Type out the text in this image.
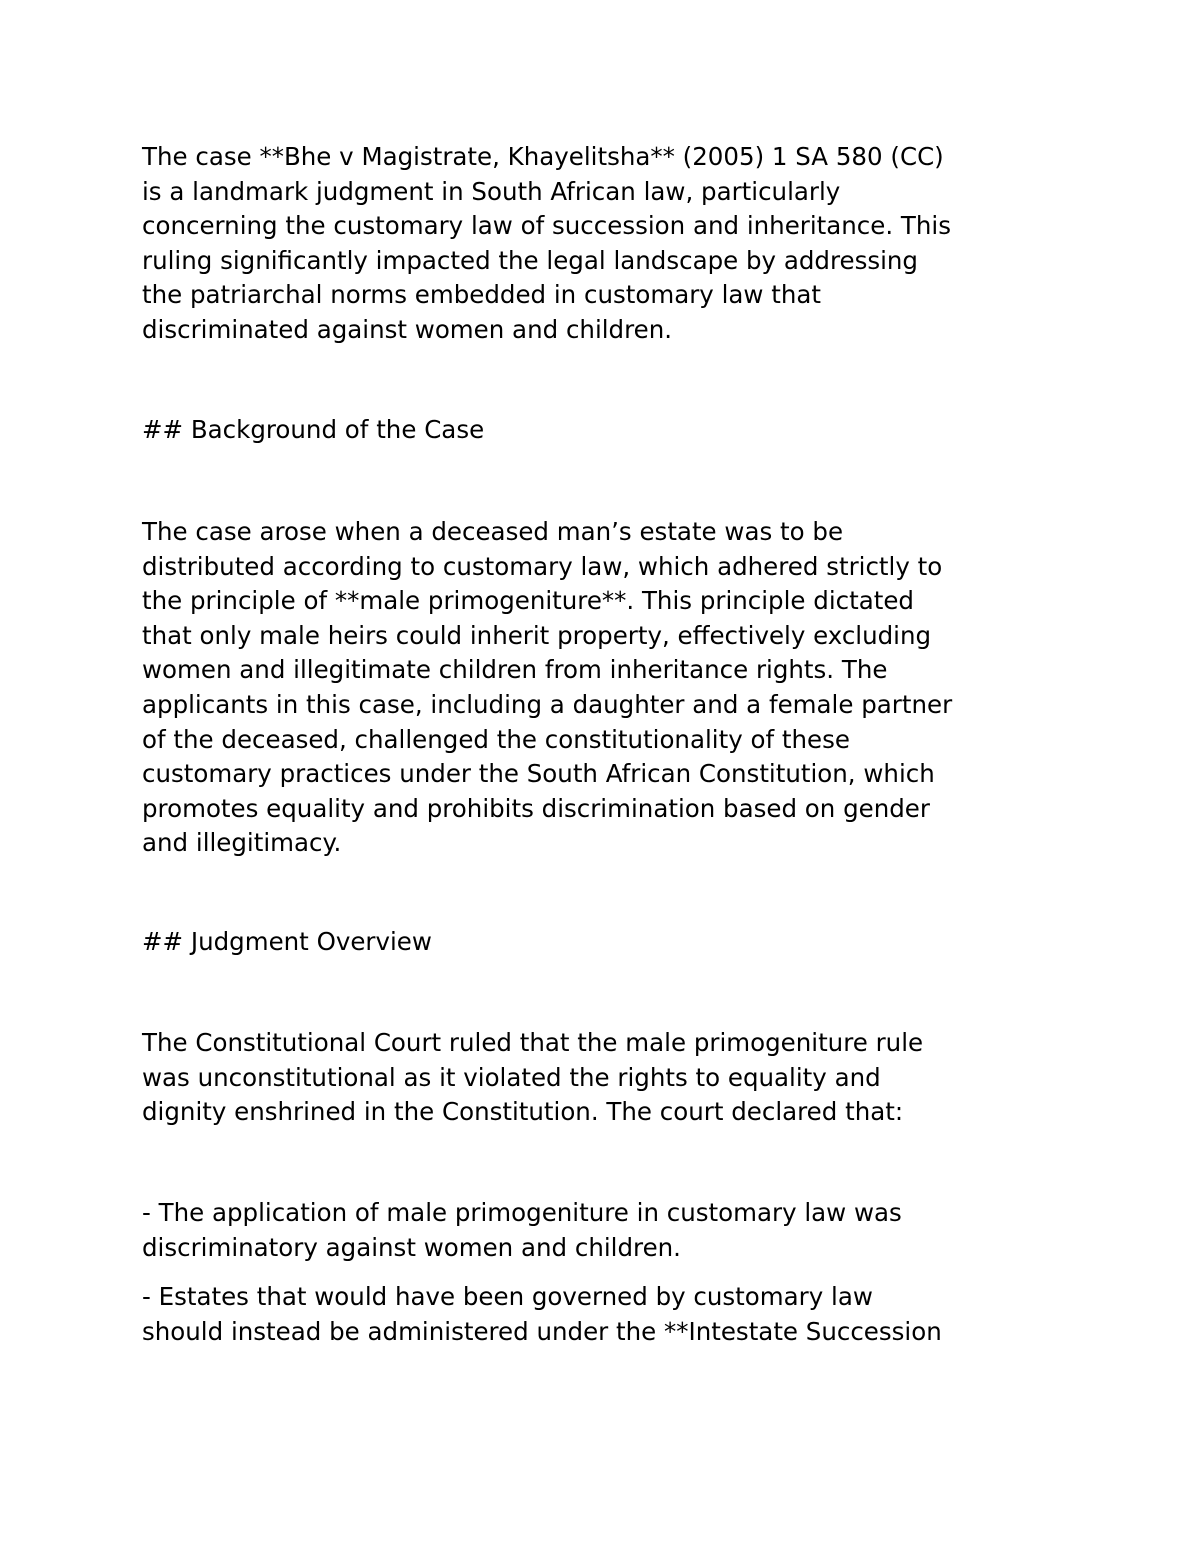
The case **Bhe v Magistrate, Khayelitsha** (2005) 1 SA 580 (CC)
is a landmark judgment in South African law, particularly
concerning the customary law of succession and inheritance. This
ruling significantly impacted the legal landscape by addressing
the patriarchal norms embedded in customary law that
discriminated against women and children.
## Background of the Case
The case arose when a deceased man’s estate was to be
distributed according to customary law, which adhered strictly to
the principle of **male primogeniture**. This principle dictated
that only male heirs could inherit property, effectively excluding
women and illegitimate children from inheritance rights. The
applicants in this case, including a daughter and a female partner
of the deceased, challenged the constitutionality of these
customary practices under the South African Constitution, which
promotes equality and prohibits discrimination based on gender
and illegitimacy.
## Judgment Overview
The Constitutional Court ruled that the male primogeniture rule
was unconstitutional as it violated the rights to equality and
dignity enshrined in the Constitution. The court declared that:
- The application of male primogeniture in customary law was
discriminatory against women and children.
- Estates that would have been governed by customary law
should instead be administered under the **Intestate Succession
